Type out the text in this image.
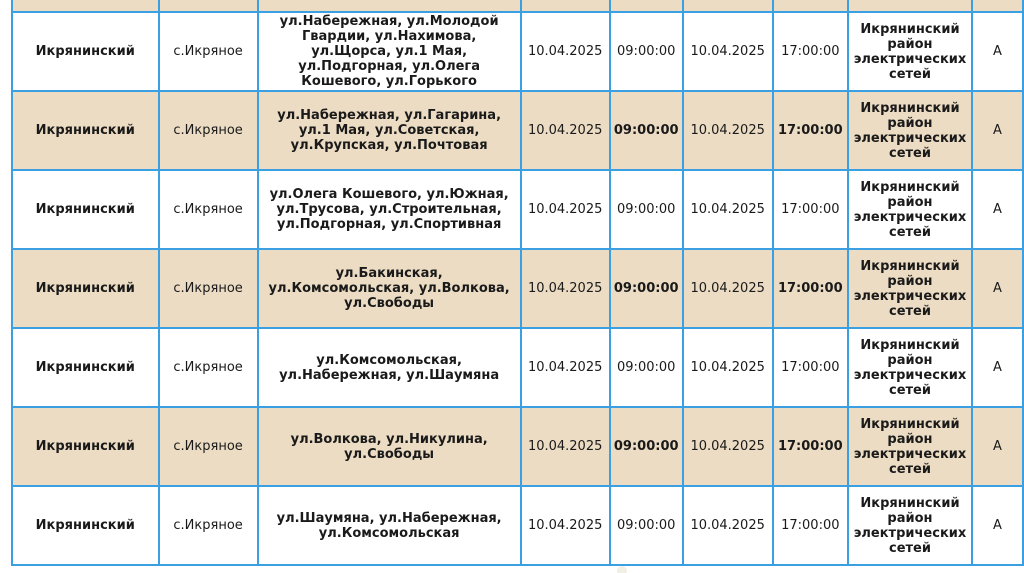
Икрянинский	с.Икряное	ул.Набережная, ул.Молодой Гвардии, ул.Нахимова, ул.Щорса, ул.1 Мая, ул.Подгорная, ул.Олега Кошевого, ул.Горького	10.04.2025	09:00:00	10.04.2025	17:00:00	Икрянинский район электрических сетей	А
Икрянинский	с.Икряное	ул.Набережная, ул.Гагарина, ул.1 Мая, ул.Советская, ул.Крупская, ул.Почтовая	10.04.2025	09:00:00	10.04.2025	17:00:00	Икрянинский район электрических сетей	А
Икрянинский	с.Икряное	ул.Олега Кошевого, ул.Южная, ул.Трусова, ул.Строительная, ул.Подгорная, ул.Спортивная	10.04.2025	09:00:00	10.04.2025	17:00:00	Икрянинский район электрических сетей	А
Икрянинский	с.Икряное	ул.Бакинская, ул.Комсомольская, ул.Волкова, ул.Свободы	10.04.2025	09:00:00	10.04.2025	17:00:00	Икрянинский район электрических сетей	А
Икрянинский	с.Икряное	ул.Комсомольская, ул.Набережная, ул.Шаумяна	10.04.2025	09:00:00	10.04.2025	17:00:00	Икрянинский район электрических сетей	А
Икрянинский	с.Икряное	ул.Волкова, ул.Никулина, ул.Свободы	10.04.2025	09:00:00	10.04.2025	17:00:00	Икрянинский район электрических сетей	А
Икрянинский	с.Икряное	ул.Шаумяна, ул.Набережная, ул.Комсомольская	10.04.2025	09:00:00	10.04.2025	17:00:00	Икрянинский район электрических сетей	А
